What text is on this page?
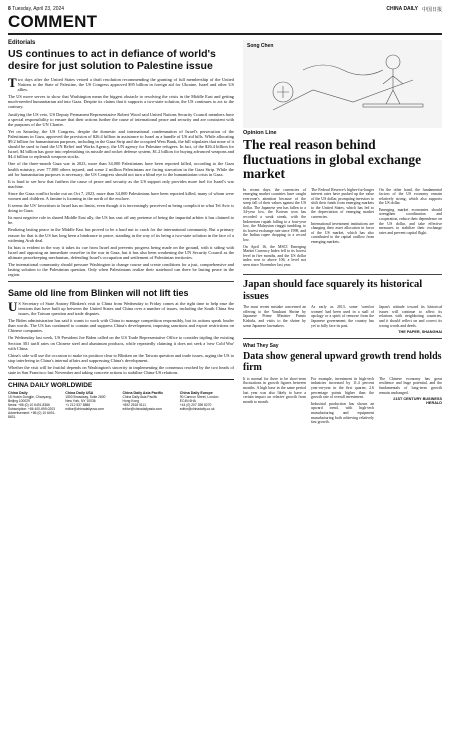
8 Tuesday, April 23, 2024	CHINA DAILY 中国日报
COMMENT
Editorials
US continues to act in defiance of world's desire for just solution to Palestine issue

Two days after the United States vetoed a draft resolution recommending the granting of full membership of the United Nations to the State of Palestine, the US Congress approved $95 billion in foreign aid for Ukraine, Israel and other US allies.

The US move serves to show that Washington mean the biggest obstacle to resolving the crisis in the Middle East and getting much-needed humanitarian aid into Gaza. Despite its claims that it supports a two-state solution, the US continues to act to the contrary.

Justifying the US veto, US Deputy Permanent Representative Robert Wood said United Nations Security Council members have a special responsibility to ensure that their actions further the cause of international peace and security and are consistent with the purposes of the UN Charter.

Yet on Saturday, the US Congress, despite the domestic and international condemnation of Israel's persecution of the Palestinians in Gaza, approved the provision of $26.4 billion in assistance to Israel as a bundle of US aid bills. While allocating $9.2 billion for humanitarian purposes, including in the Gaza Strip and the occupied West Bank, the bill stipulates that none of it should be used to fund the UN Relief and Works Agency, the UN agency for Palestine refugees. In fact, of the $26.4 billion for Israel, $4 billion has gone into replenishing its missile and rocket defense system, $1.2 billion for buying advanced weapons and $4.4 billion to replenish weapons stocks.

One of the three-month Gaza war in 2023, more than 34,000 Palestinians have been reported killed, according to the Gaza health ministry, over 77,000 others injured, and some 2 million Palestinians are facing starvation in the Gaza Strip. While the aid for humanitarian purposes is necessary, the US Congress should not turn a blind eye to the humanitarian crisis in Gaza.

It is hard to see how that furthers the cause of peace and security as the US support only provides more fuel for Israel's war machine.

Since the Gaza conflict broke out on Oct 7, 2023, more than 34,000 Palestinians have been reported killed, many of whom were women and children. A famine is looming in the north of the enclave.

It seems the US' favoritism to Israel has no limits, even though it is increasingly perceived as being complicit in what Tel Aviv is doing in Gaza.

Its most negative role in shared Middle East ally, the US has cast off any pretense of being the impartial arbiter it has claimed to be.

Realizing lasting peace in the Middle East has proved to be a hard nut to crack for the international community. But a primary reason for that is the US has long been a hindrance to peace, standing in the way of its being a two-state solution in the face of a widening Arab deal.

Its bias is evident in the way it takes its cue from Israel and prevents progress being made on the ground, with it siding with Israel and opposing an immediate ceasefire in the war in Gaza, but it has also been weakening the UN Security Council as the ultimate peacekeeping mechanism, defending Israel's occupation and settlement of Palestinian territories.

The international community should pressure Washington to change course and create conditions for a just, comprehensive and lasting solution to the Palestinian question. Only when Palestinians realize their statehood can there be lasting peace in the region.

Same old line from Blinken will not lift ties

US Secretary of State Antony Blinken's visit to China from Wednesday to Friday comes at the right time to help ease the tensions that have built up between the United States and China over a number of issues, including the South China Sea issues, the Taiwan question and trade disputes.

The Biden administration has said it wants to work with China to manage competition responsibly, but its actions speak louder than words. The US has continued to contain and suppress China's development, imposing sanctions and export restrictions on Chinese companies.

On Wednesday last week, US President Joe Biden called on the US Trade Representative Office to consider tripling the existing Section 301 tariff rates on Chinese steel and aluminum products, while repeatedly claiming it does not seek a 'new Cold War' with China.

China's side will use the occasion to make its position clear to Blinken on the Taiwan question and trade issues, urging the US to stop interfering in China's internal affairs and suppressing China's development.

Whether the visit will be fruitful depends on Washington's sincerity in implementing the consensus reached by the two heads of state in San Francisco last November and taking concrete actions to stabilize China-US relations.

CHINA DAILY WORLDWIDE
China Daily
15 Huixin Dongjie, Chaoyang, Beijing 100029
News: +86 (0) 10 6491-8366
Subscription: +86 400-699-0203
Advertisement: +86 (0) 10 6491-8631
China Daily USA
1500 Broadway, Suite 2800
New York, NY 10036
+1 212 537 8888
editor@chinadailyusa.com
China Daily Asia Pacific
China Daily Asia Pacific
Hong Kong
+852 2518 5111
editor@chinadailyasia.com
China Daily Europe
90 Cannon Street, London
EC4N 6HA
+44 (0) 207 398 8270
editor@chinadaily.co.uk
Song Chen
Opinion Line
The real reason behind fluctuations in global exchange market

In recent days, the currencies of emerging market countries have caught everyone's attention because of the steep fall of their values against the US dollar. The Japanese yen has fallen to a 34-year low, the Korean won has recorded a weak streak, with the Indonesian rupiah falling to a four-year low, the Malaysian ringgit tumbling to its lowest exchange rate since 1998, and the Indian rupee dropping to a record low.

On April 16, the MSCI Emerging Market Currency Index fell to its lowest level in five months, and the US dollar index rose to above 106, a level not seen since November last year.

The Federal Reserve's higher-for-longer interest rates have pushed up the value of the US dollar, prompting investors to shift their funds from emerging markets to the United States, which has led to the depreciation of emerging market currencies.

International investment institutions are changing their asset allocation in favor of the US market, which has also contributed to the capital outflow from emerging markets.

On the other hand, the fundamental factors of the US economy remain relatively strong, which also supports the US dollar.

Emerging market economies should strengthen coordination and cooperation, reduce their dependence on the US dollar, and take effective measures to stabilize their exchange rates and prevent capital flight.

Japan should face squarely its historical issues

The most recent mistake concerned an offering to the Yasukuni Shrine by Japanese Prime Minister Fumio Kishida, and visits to the shrine by some Japanese lawmakers.

As early as 2013, some 'comfort women' had been used in a stall of apology or a spirit of remorse from the Japanese government; the country has yet to fully face its past.

Japan's attitude toward its historical issues will continue to affect its relations with neighboring countries, and it should reflect on and correct its wrong words and deeds.

THE PAPER, SHANGHAI
What They Say
Data show general upward growth trend holds firm

It is normal for there to be short-term fluctuations in growth figures between months. A high base in the same period last year was also likely to have a certain impact on relative growth from month to month.

For example, investment in high-tech industries increased by 11.4 percent year-on-year in the first quarter, 2.6 percentage points higher than the growth rate of overall investment.

Industrial production has shown an upward trend, with high-tech manufacturing and equipment manufacturing both achieving relatively fast growth.

The Chinese economy has great resilience and huge potential, and the fundamentals of long-term growth remain unchanged.

21ST CENTURY BUSINESS HERALD
